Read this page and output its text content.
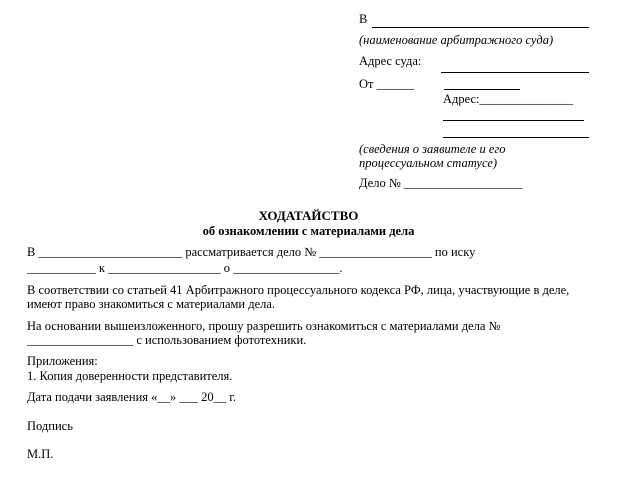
В
(наименование арбитражного суда)
Адрес суда:
От ______
Адрес:_______________
(сведения о заявителе и его
процессуальном статусе)
Дело № ___________________
ХОДАТАЙСТВО
об ознакомлении с материалами дела
В _______________________ рассматривается дело № __________________ по иску
___________ к __________________ о _________________.
В соответствии со статьей 41 Арбитражного процессуального кодекса РФ, лица, участвующие в деле,
имеют право знакомиться с материалами дела.
На основании вышеизложенного, прошу разрешить ознакомиться с материалами дела №
_________________ с использованием фототехники.
Приложения:
1. Копия доверенности представителя.
Дата подачи заявления «__» ___ 20__ г.
Подпись
М.П.
